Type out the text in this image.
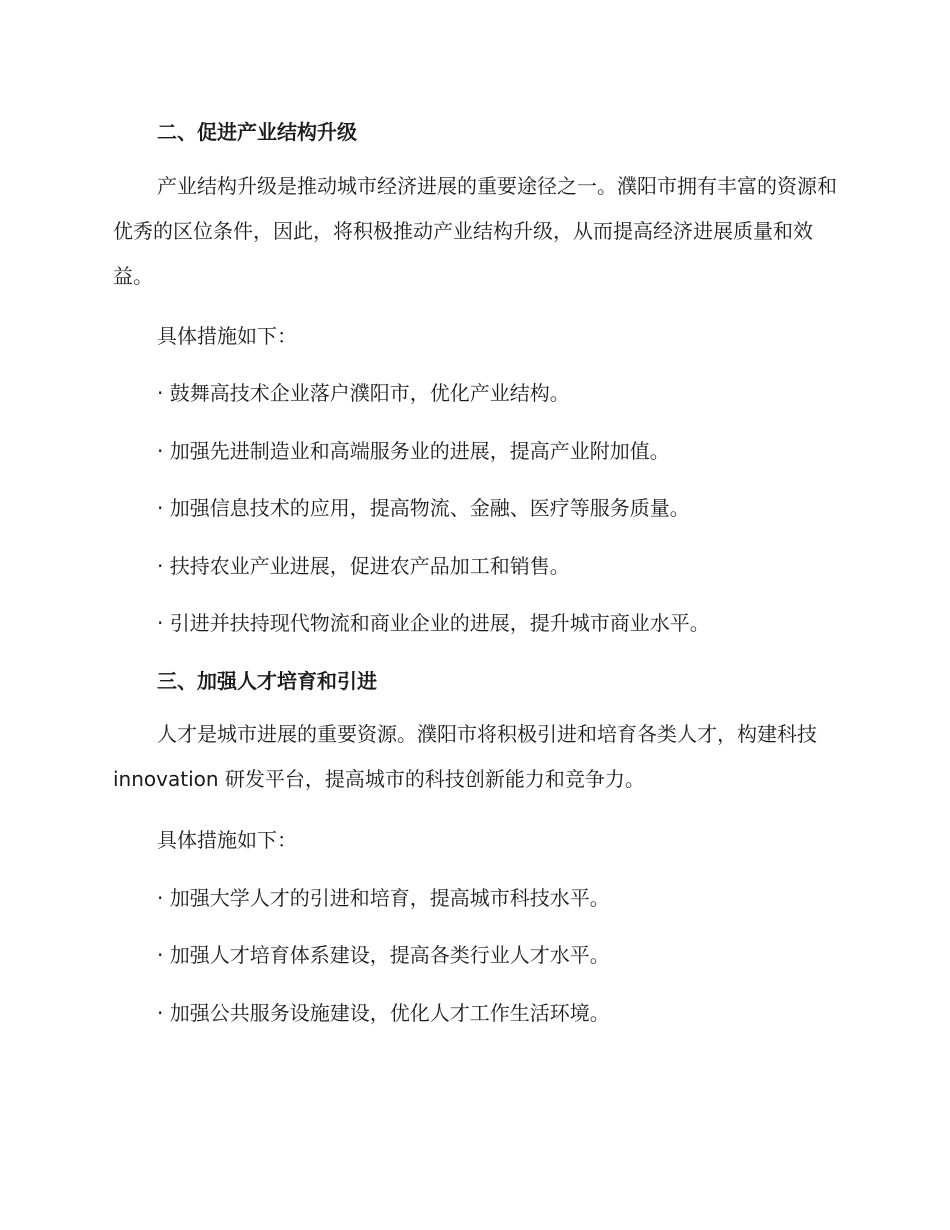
二、促进产业结构升级

产业结构升级是推动城市经济进展的重要途径之一。濮阳市拥有丰富的资源和优秀的区位条件，因此，将积极推动产业结构升级，从而提高经济进展质量和效益。

具体措施如下：

· 鼓舞高技术企业落户濮阳市，优化产业结构。

· 加强先进制造业和高端服务业的进展，提高产业附加值。

· 加强信息技术的应用，提高物流、金融、医疗等服务质量。

· 扶持农业产业进展，促进农产品加工和销售。

· 引进并扶持现代物流和商业企业的进展，提升城市商业水平。

三、加强人才培育和引进

人才是城市进展的重要资源。濮阳市将积极引进和培育各类人才，构建科技 innovation 研发平台，提高城市的科技创新能力和竞争力。

具体措施如下：

· 加强大学人才的引进和培育，提高城市科技水平。

· 加强人才培育体系建设，提高各类行业人才水平。

· 加强公共服务设施建设，优化人才工作生活环境。
